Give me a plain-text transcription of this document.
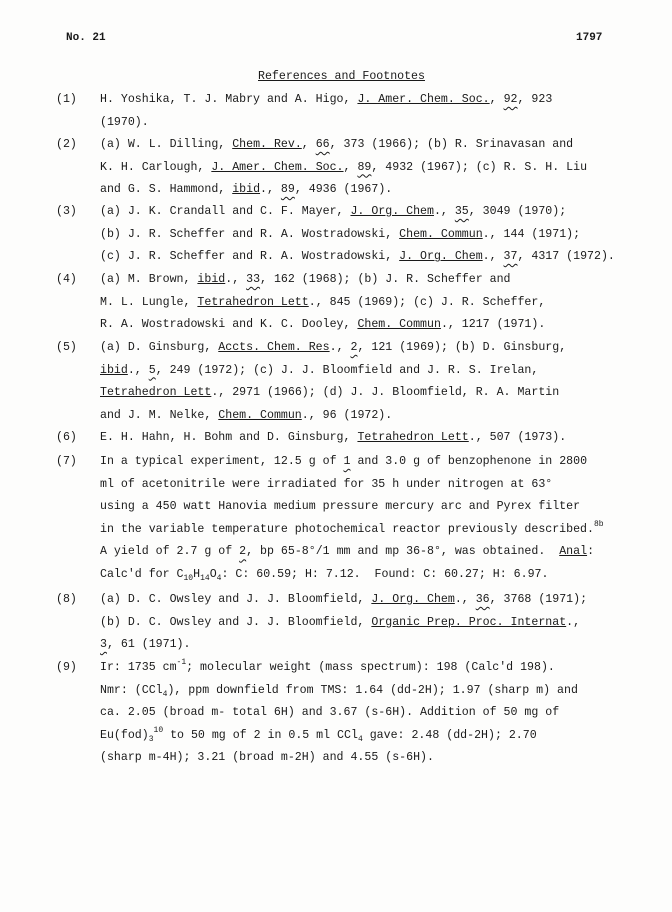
No. 21	1797
References and Footnotes
(1) H. Yoshika, T. J. Mabry and A. Higo, J. Amer. Chem. Soc., 92, 923
(1970).
(2) (a) W. L. Dilling, Chem. Rev., 66, 373 (1966); (b) R. Srinavasan and
K. H. Carlough, J. Amer. Chem. Soc., 89, 4932 (1967); (c) R. S. H. Liu
and G. S. Hammond, ibid., 89, 4936 (1967).
(3) (a) J. K. Crandall and C. F. Mayer, J. Org. Chem., 35, 3049 (1970);
(b) J. R. Scheffer and R. A. Wostradowski, Chem. Commun., 144 (1971);
(c) J. R. Scheffer and R. A. Wostradowski, J. Org. Chem., 37, 4317 (1972).
(4) (a) M. Brown, ibid., 33, 162 (1968); (b) J. R. Scheffer and
M. L. Lungle, Tetrahedron Lett., 845 (1969); (c) J. R. Scheffer,
R. A. Wostradowski and K. C. Dooley, Chem. Commun., 1217 (1971).
(5) (a) D. Ginsburg, Accts. Chem. Res., 2, 121 (1969); (b) D. Ginsburg,
ibid., 5, 249 (1972); (c) J. J. Bloomfield and J. R. S. Irelan,
Tetrahedron Lett., 2971 (1966); (d) J. J. Bloomfield, R. A. Martin
and J. M. Nelke, Chem. Commun., 96 (1972).
(6) E. H. Hahn, H. Bohm and D. Ginsburg, Tetrahedron Lett., 507 (1973).
(7) In a typical experiment, 12.5 g of 1 and 3.0 g of benzophenone in 2800
ml of acetonitrile were irradiated for 35 h under nitrogen at 63°
using a 450 watt Hanovia medium pressure mercury arc and Pyrex filter
in the variable temperature photochemical reactor previously described.$^{8b}$
A yield of 2.7 g of 2, bp 65-8°/1 mm and mp 36-8°, was obtained.  Anal:
Calc'd for $C_{10}H_{14}O_4$: C: 60.59; H: 7.12.  Found: C: 60.27; H: 6.97.
(8) (a) D. C. Owsley and J. J. Bloomfield, J. Org. Chem., 36, 3768 (1971);
(b) D. C. Owsley and J. J. Bloomfield, Organic Prep. Proc. Internat.,
3, 61 (1971).
(9) Ir: 1735 $cm^{-1}$; molecular weight (mass spectrum): 198 (Calc'd 198).
Nmr: (CCl$_4$), ppm downfield from TMS: 1.64 (dd-2H); 1.97 (sharp m) and
ca. 2.05 (broad m- total 6H) and 3.67 (s-6H). Addition of 50 mg of
$Eu(fod)_3^{10}$ to 50 mg of 2 in 0.5 ml CCl$_4$ gave: 2.48 (dd-2H); 2.70
(sharp m-4H); 3.21 (broad m-2H) and 4.55 (s-6H).
